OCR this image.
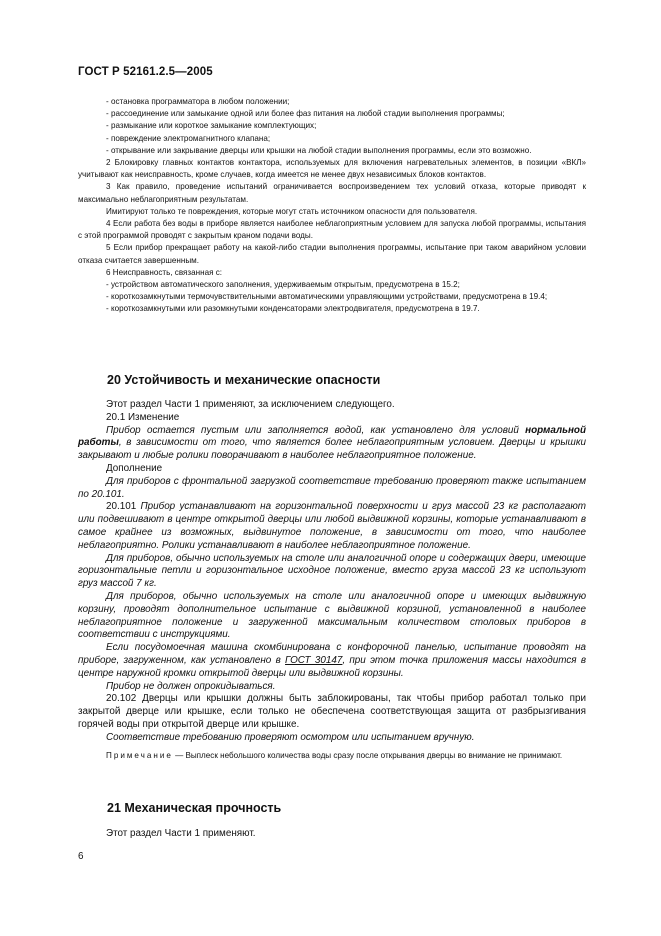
ГОСТ Р 52161.2.5—2005

- остановка программатора в любом положении;

- рассоединение или замыкание одной или более фаз питания на любой стадии выполнения программы;

- размыкание или короткое замыкание комплектующих;

- повреждение электромагнитного клапана;

- открывание или закрывание дверцы или крышки на любой стадии выполнения программы, если это возможно.

2 Блокировку главных контактов контактора, используемых для включения нагревательных элементов, в позиции «ВКЛ» учитывают как неисправность, кроме случаев, когда имеется не менее двух независимых блоков контактов.

3 Как правило, проведение испытаний ограничивается воспроизведением тех условий отказа, которые приводят к максимально неблагоприятным результатам.

Имитируют только те повреждения, которые могут стать источником опасности для пользователя.

4 Если работа без воды в приборе является наиболее неблагоприятным условием для запуска любой программы, испытания с этой программой проводят с закрытым краном подачи воды.

5 Если прибор прекращает работу на какой-либо стадии выполнения программы, испытание при таком аварийном условии отказа считается завершенным.

6 Неисправность, связанная с:

- устройством автоматического заполнения, удерживаемым открытым, предусмотрена в 15.2;

- короткозамкнутыми термочувствительными автоматическими управляющими устройствами, предусмотрена в 19.4;

- короткозамкнутыми или разомкнутыми конденсаторами электродвигателя, предусмотрена в 19.7.

20 Устойчивость и механические опасности

Этот раздел Части 1 применяют, за исключением следующего.

20.1 Изменение

Прибор остается пустым или заполняется водой, как установлено для условий нормальной работы, в зависимости от того, что является более неблагоприятным условием. Дверцы и крышки закрывают и любые ролики поворачивают в наиболее неблагоприятное положение.

Дополнение

Для приборов с фронтальной загрузкой соответствие требованию проверяют также испытанием по 20.101.

20.101 Прибор устанавливают на горизонтальной поверхности и груз массой 23 кг располагают или подвешивают в центре открытой дверцы или любой выдвижной корзины, которые устанавливают в самое крайнее из возможных, выдвинутое положение, в зависимости от того, что наиболее неблагоприятно. Ролики устанавливают в наиболее неблагоприятное положение.

Для приборов, обычно используемых на столе или аналогичной опоре и содержащих двери, имеющие горизонтальные петли и горизонтальное исходное положение, вместо груза массой 23 кг используют груз массой 7 кг.

Для приборов, обычно используемых на столе или аналогичной опоре и имеющих выдвижную корзину, проводят дополнительное испытание с выдвижной корзиной, установленной в наиболее неблагоприятное положение и загруженной максимальным количеством столовых приборов в соответствии с инструкциями.

Если посудомоечная машина скомбинирована с конфорочной панелью, испытание проводят на приборе, загруженном, как установлено в ГОСТ 30147, при этом точка приложения массы находится в центре наружной кромки открытой дверцы или выдвижной корзины.

Прибор не должен опрокидываться.

20.102 Дверцы или крышки должны быть заблокированы, так чтобы прибор работал только при закрытой дверце или крышке, если только не обеспечена соответствующая защита от разбрызгивания горячей воды при открытой дверце или крышке.

Соответствие требованию проверяют осмотром или испытанием вручную.

Примечание — Выплеск небольшого количества воды сразу после открывания дверцы во внимание не принимают.

21 Механическая прочность

Этот раздел Части 1 применяют.

6
